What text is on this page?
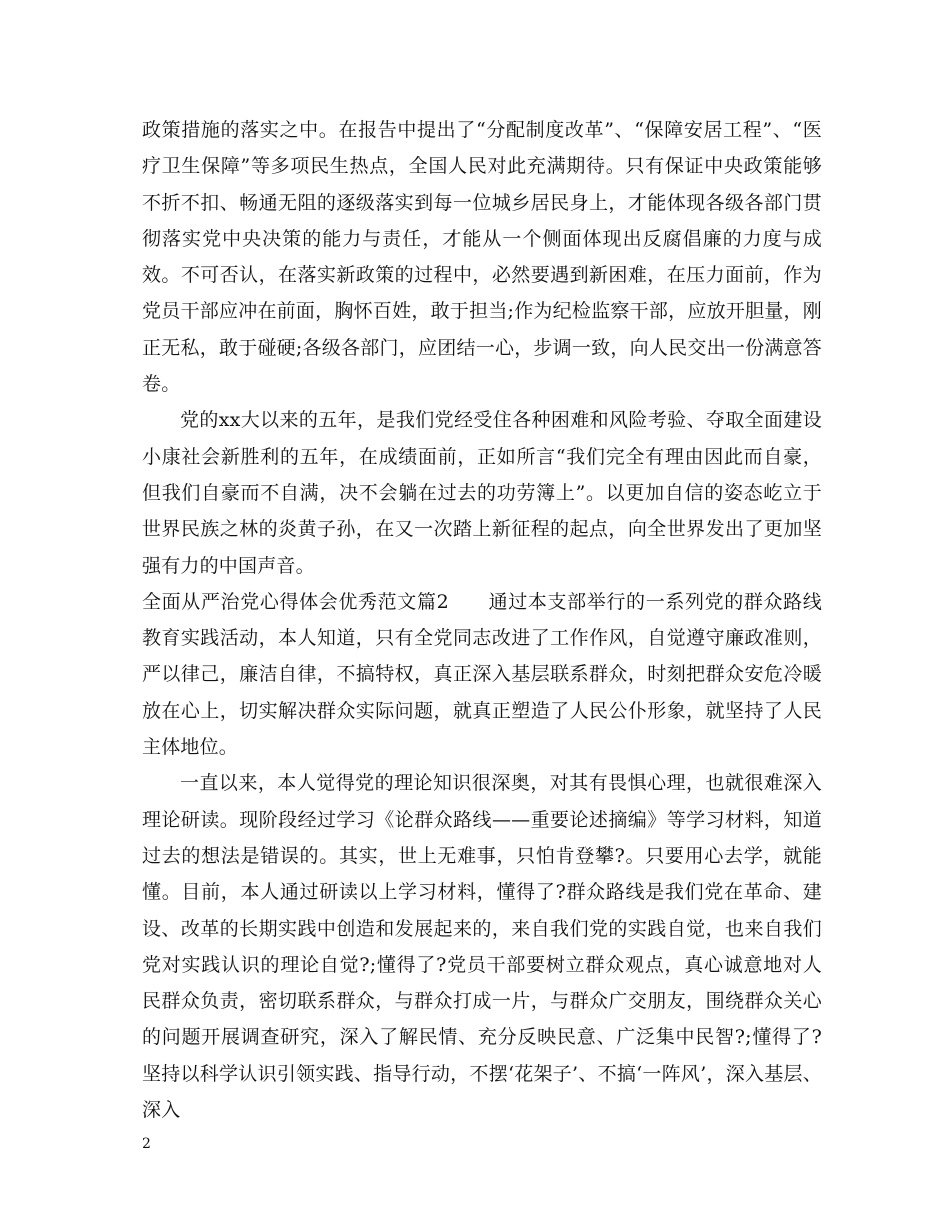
政策措施的落实之中。在报告中提出了“分配制度改革”、“保障安居工程”、“医疗卫生保障”等多项民生热点，全国人民对此充满期待。只有保证中央政策能够不折不扣、畅通无阻的逐级落实到每一位城乡居民身上，才能体现各级各部门贯彻落实党中央决策的能力与责任，才能从一个侧面体现出反腐倡廉的力度与成效。不可否认，在落实新政策的过程中，必然要遇到新困难，在压力面前，作为党员干部应冲在前面，胸怀百姓，敢于担当;作为纪检监察干部，应放开胆量，刚正无私，敢于碰硬;各级各部门，应团结一心，步调一致，向人民交出一份满意答卷。

党的xx大以来的五年，是我们党经受住各种困难和风险考验、夺取全面建设小康社会新胜利的五年，在成绩面前，正如所言“我们完全有理由因此而自豪，但我们自豪而不自满，决不会躺在过去的功劳簿上”。以更加自信的姿态屹立于世界民族之林的炎黄子孙，在又一次踏上新征程的起点，向全世界发出了更加坚强有力的中国声音。

全面从严治党心得体会优秀范文篇2　　通过本支部举行的一系列党的群众路线教育实践活动，本人知道，只有全党同志改进了工作作风，自觉遵守廉政准则，严以律己，廉洁自律，不搞特权，真正深入基层联系群众，时刻把群众安危冷暖放在心上，切实解决群众实际问题，就真正塑造了人民公仆形象，就坚持了人民主体地位。

一直以来，本人觉得党的理论知识很深奥，对其有畏惧心理，也就很难深入理论研读。现阶段经过学习《论群众路线——重要论述摘编》等学习材料，知道过去的想法是错误的。其实，世上无难事，只怕肯登攀?。只要用心去学，就能懂。目前，本人通过研读以上学习材料，懂得了?群众路线是我们党在革命、建设、改革的长期实践中创造和发展起来的，来自我们党的实践自觉，也来自我们党对实践认识的理论自觉?;懂得了?党员干部要树立群众观点，真心诚意地对人民群众负责，密切联系群众，与群众打成一片，与群众广交朋友，围绕群众关心的问题开展调查研究，深入了解民情、充分反映民意、广泛集中民智?;懂得了?坚持以科学认识引领实践、指导行动，不摆‘花架子’、不搞‘一阵风’，深入基层、深入

2
